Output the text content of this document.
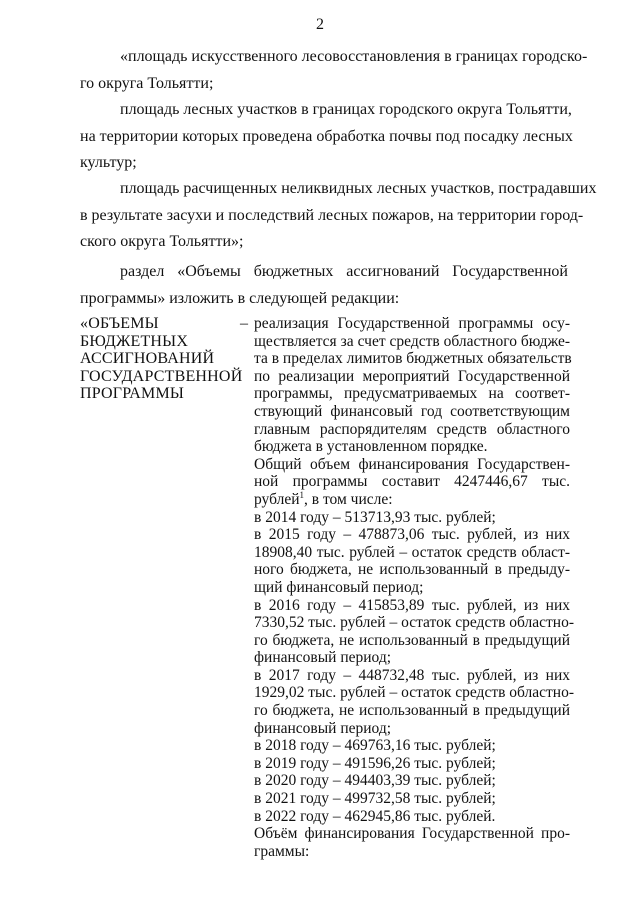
2
«площадь искусственного лесовосстановления в границах городско-
го округа Тольятти;
площадь лесных участков в границах городского округа Тольятти,
на территории которых проведена обработка почвы под посадку лесных
культур;
площадь расчищенных неликвидных лесных участков, пострадавших
в результате засухи и последствий лесных пожаров, на территории город-
ского округа Тольятти»;
раздел «Объемы бюджетных ассигнований Государственной
программы» изложить в следующей редакции:
«ОБЪЕМЫ
БЮДЖЕТНЫХ
АССИГНОВАНИЙ
ГОСУДАРСТВЕННОЙ
ПРОГРАММЫ
– реализация Государственной программы осу-
ществляется за счет средств областного бюдже-
та в пределах лимитов бюджетных обязательств
по реализации мероприятий Государственной
программы, предусматриваемых на соответ-
ствующий финансовый год соответствующим
главным распорядителям средств областного
бюджета в установленном порядке.
Общий объем финансирования Государствен-
ной программы составит 4247446,67 тыс.
рублей$^1$, в том числе:
в 2014 году – 513713,93 тыс. рублей;
в 2015 году – 478873,06 тыс. рублей, из них
18908,40 тыс. рублей – остаток средств област-
ного бюджета, не использованный в предыду-
щий финансовый период;
в 2016 году – 415853,89 тыс. рублей, из них
7330,52 тыс. рублей – остаток средств областно-
го бюджета, не использованный в предыдущий
финансовый период;
в 2017 году – 448732,48 тыс. рублей, из них
1929,02 тыс. рублей – остаток средств областно-
го бюджета, не использованный в предыдущий
финансовый период;
в 2018 году – 469763,16 тыс. рублей;
в 2019 году – 491596,26 тыс. рублей;
в 2020 году – 494403,39 тыс. рублей;
в 2021 году – 499732,58 тыс. рублей;
в 2022 году – 462945,86 тыс. рублей.
Объём финансирования Государственной про-
граммы:
